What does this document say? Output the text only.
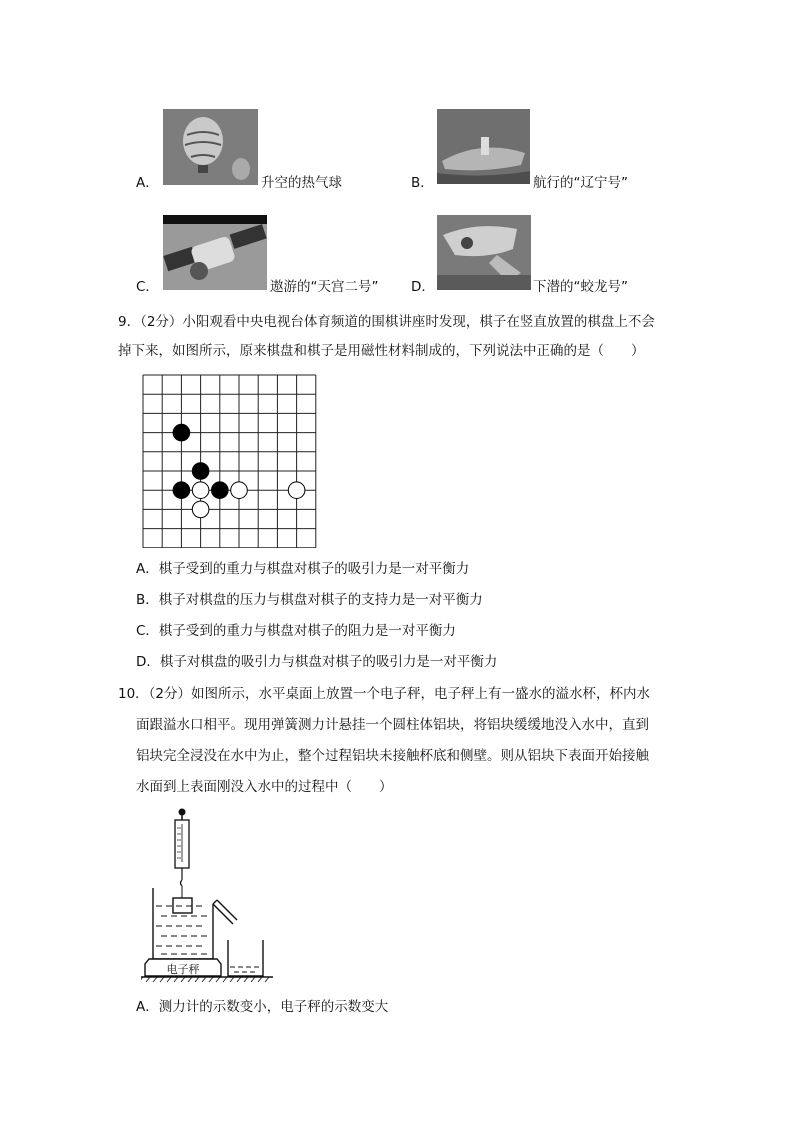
A．	升空的热气球	B．	航行的“辽宁号”
C．	遨游的“天宫二号” D．	下潜的“蛟龙号”
9．（2分）小阳观看中央电视台体育频道的围棋讲座时发现，棋子在竖直放置的棋盘上不会
掉下来，如图所示，原来棋盘和棋子是用磁性材料制成的，下列说法中正确的是（　　）
A．棋子受到的重力与棋盘对棋子的吸引力是一对平衡力
B．棋子对棋盘的压力与棋盘对棋子的支持力是一对平衡力
C．棋子受到的重力与棋盘对棋子的阻力是一对平衡力
D．棋子对棋盘的吸引力与棋盘对棋子的吸引力是一对平衡力
10．（2分）如图所示，水平桌面上放置一个电子秤，电子秤上有一盛水的溢水杯，杯内水
面跟溢水口相平。现用弹簧测力计悬挂一个圆柱体铝块，将铝块缓缓地没入水中，直到
铝块完全浸没在水中为止，整个过程铝块未接触杯底和侧壁。则从铝块下表面开始接触
水面到上表面刚没入水中的过程中（　　）
电子秤
A．测力计的示数变小，电子秤的示数变大
